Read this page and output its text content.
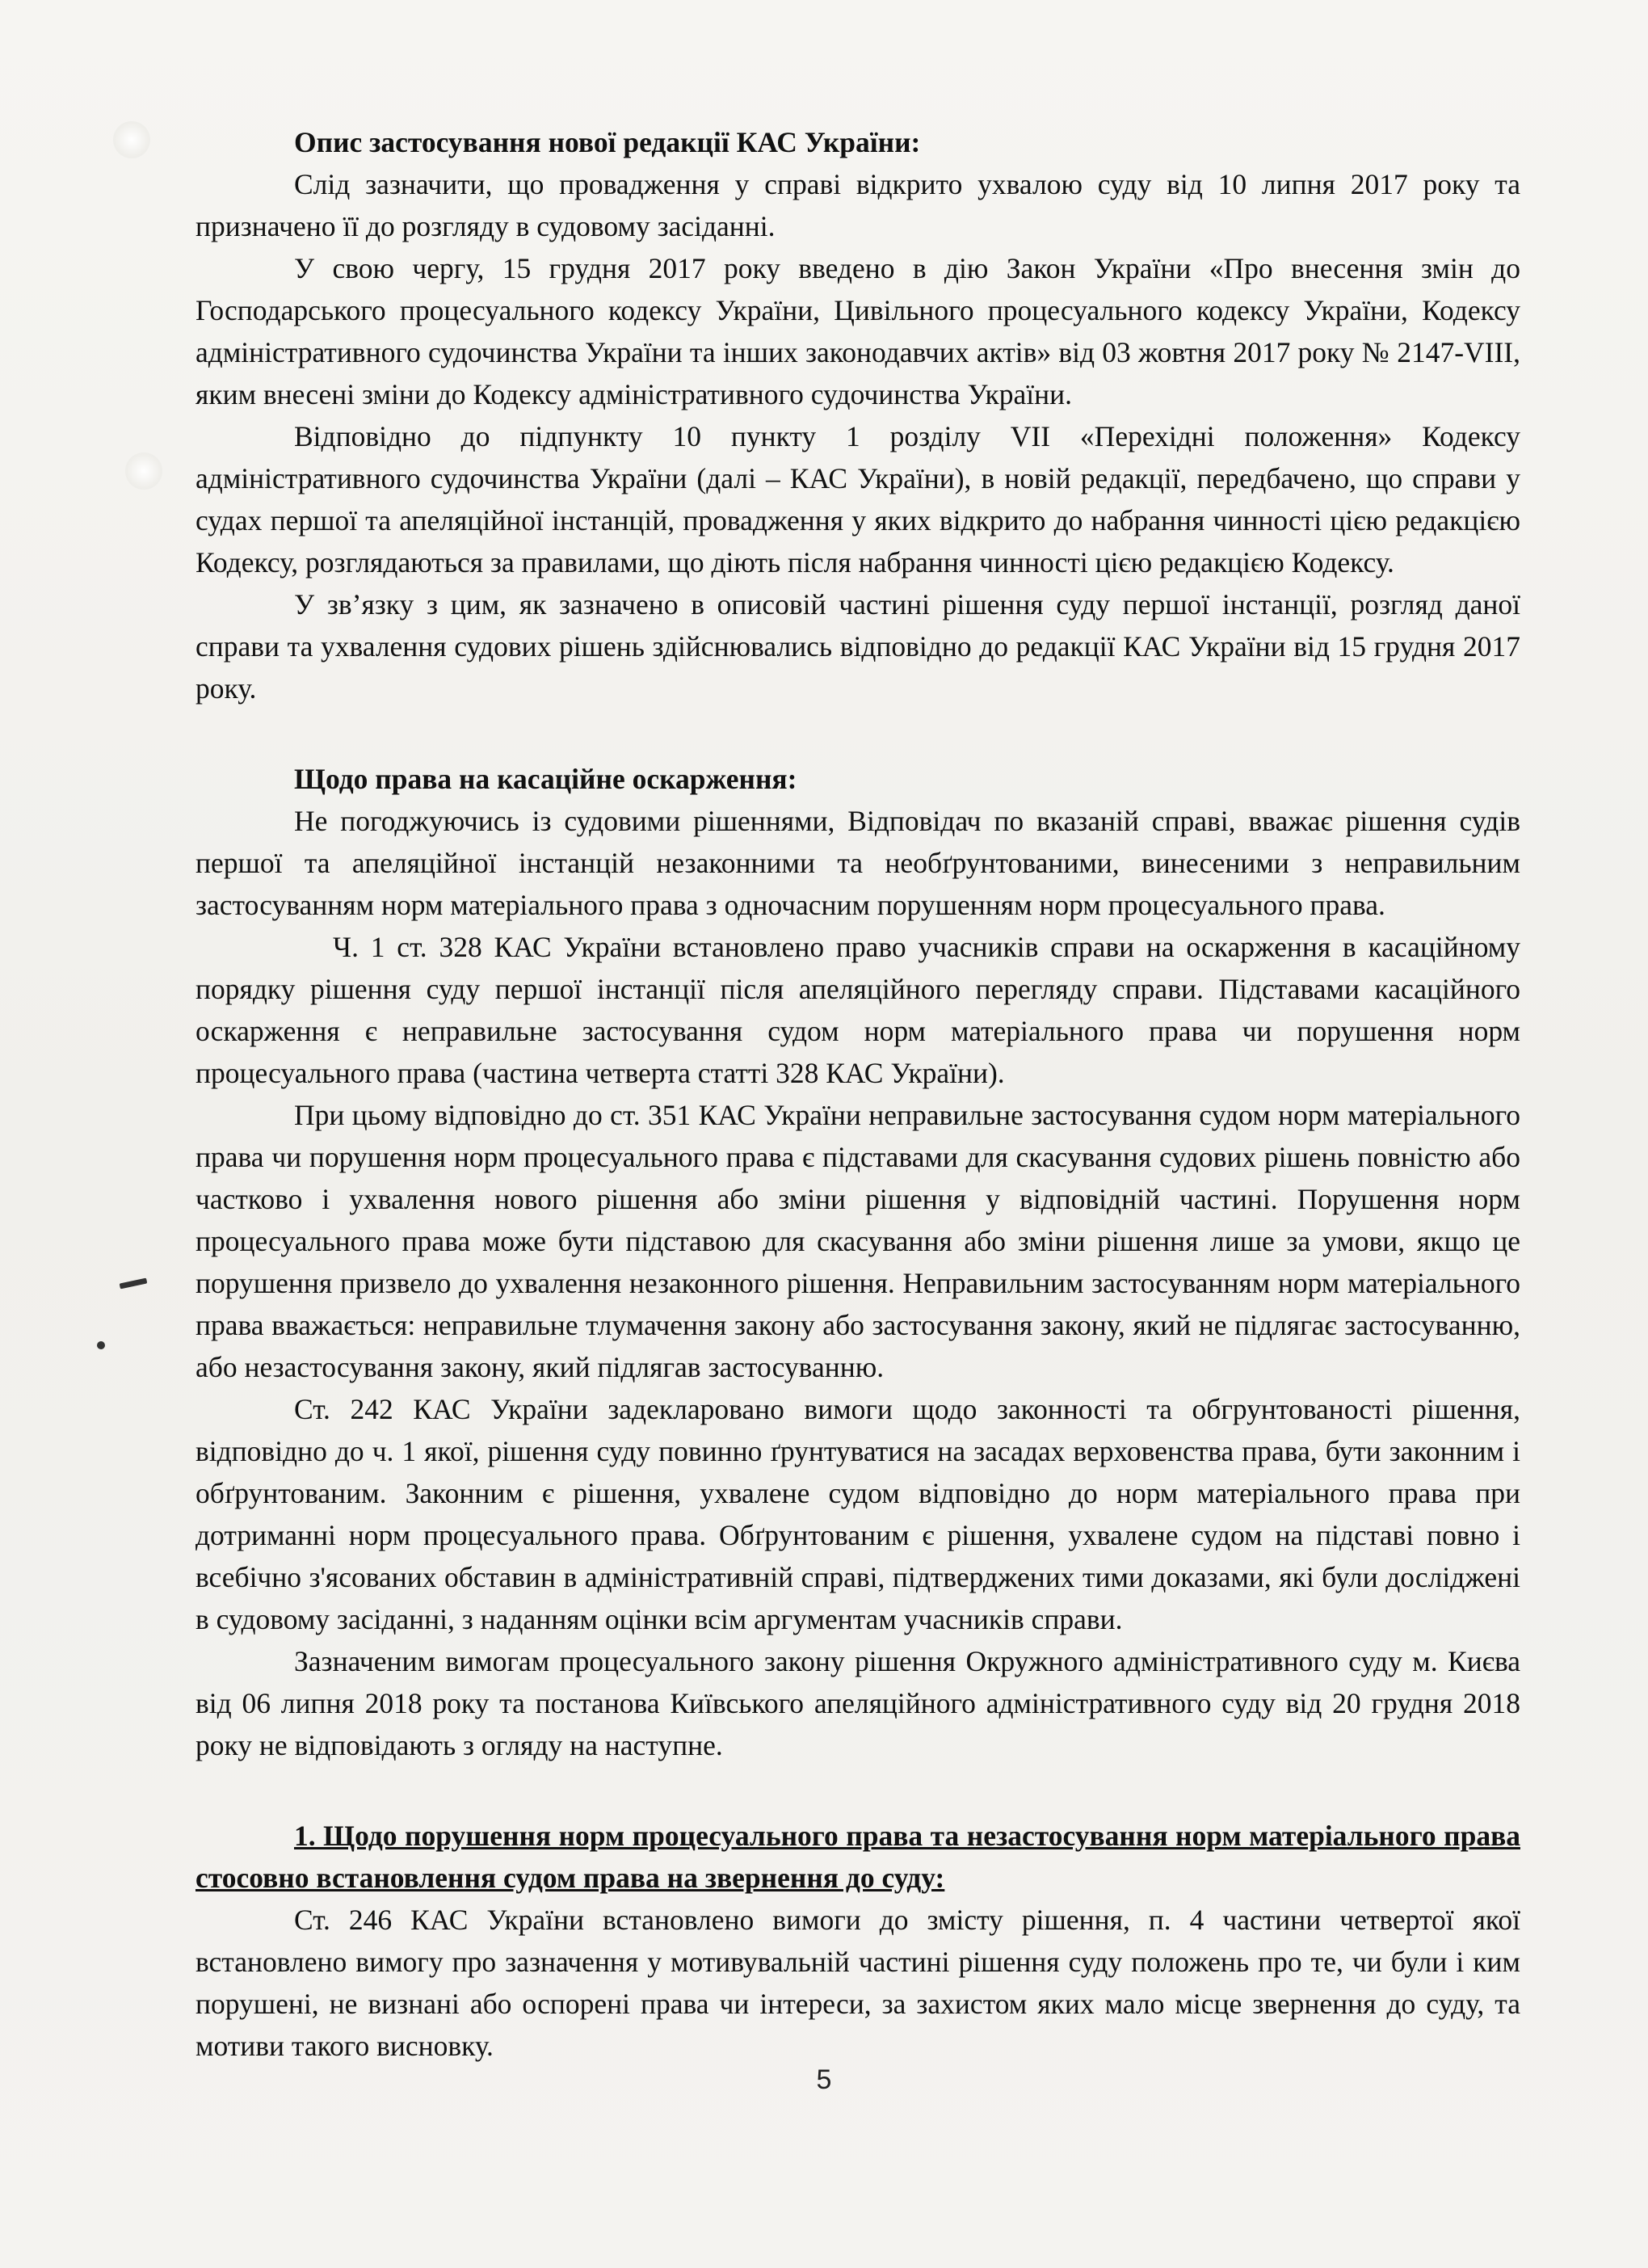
Опис застосування нової редакції КАС України:

Слід зазначити, що провадження у справі відкрито ухвалою суду від 10 липня 2017 року та призначено її до розгляду в судовому засіданні.

У свою чергу, 15 грудня 2017 року введено в дію Закон України «Про внесення змін до Господарського процесуального кодексу України, Цивільного процесуального кодексу України, Кодексу адміністративного судочинства України та інших законодавчих актів» від 03 жовтня 2017 року № 2147-VIII, яким внесені зміни до Кодексу адміністративного судочинства України.

Відповідно до підпункту 10 пункту 1 розділу VII «Перехідні положення» Кодексу адміністративного судочинства України (далі – КАС України), в новій редакції, передбачено, що справи у судах першої та апеляційної інстанцій, провадження у яких відкрито до набрання чинності цією редакцією Кодексу, розглядаються за правилами, що діють після набрання чинності цією редакцією Кодексу.

У зв’язку з цим, як зазначено в описовій частині рішення суду першої інстанції, розгляд даної справи та ухвалення судових рішень здійснювались відповідно до редакції КАС України від 15 грудня 2017 року.

Щодо права на касаційне оскарження:

Не погоджуючись із судовими рішеннями, Відповідач по вказаній справі, вважає рішення судів першої та апеляційної інстанцій незаконними та необґрунтованими, винесеними з неправильним застосуванням норм матеріального права з одночасним порушенням норм процесуального права.

Ч. 1 ст. 328 КАС України встановлено право учасників справи на оскарження в касаційному порядку рішення суду першої інстанції після апеляційного перегляду справи. Підставами касаційного оскарження є неправильне застосування судом норм матеріального права чи порушення норм процесуального права (частина четверта статті 328 КАС України).

При цьому відповідно до ст. 351 КАС України неправильне застосування судом норм матеріального права чи порушення норм процесуального права є підставами для скасування судових рішень повністю або частково і ухвалення нового рішення або зміни рішення у відповідній частині. Порушення норм процесуального права може бути підставою для скасування або зміни рішення лише за умови, якщо це порушення призвело до ухвалення незаконного рішення. Неправильним застосуванням норм матеріального права вважається: неправильне тлумачення закону або застосування закону, який не підлягає застосуванню, або незастосування закону, який підлягав застосуванню.

Ст. 242 КАС України задекларовано вимоги щодо законності та обгрунтованості рішення, відповідно до ч. 1 якої, рішення суду повинно ґрунтуватися на засадах верховенства права, бути законним і обґрунтованим. Законним є рішення, ухвалене судом відповідно до норм матеріального права при дотриманні норм процесуального права. Обґрунтованим є рішення, ухвалене судом на підставі повно і всебічно з'ясованих обставин в адміністративній справі, підтверджених тими доказами, які були досліджені в судовому засіданні, з наданням оцінки всім аргументам учасників справи.

Зазначеним вимогам процесуального закону рішення Окружного адміністративного суду м. Києва від 06 липня 2018 року та постанова Київського апеляційного адміністративного суду від 20 грудня 2018 року не відповідають з огляду на наступне.

1. Щодо порушення норм процесуального права та незастосування норм матеріального права стосовно встановлення судом права на звернення до суду:

Ст. 246 КАС України встановлено вимоги до змісту рішення, п. 4 частини четвертої якої встановлено вимогу про зазначення у мотивувальній частині рішення суду положень про те, чи були і ким порушені, не визнані або оспорені права чи інтереси, за захистом яких мало місце звернення до суду, та мотиви такого висновку.

5
